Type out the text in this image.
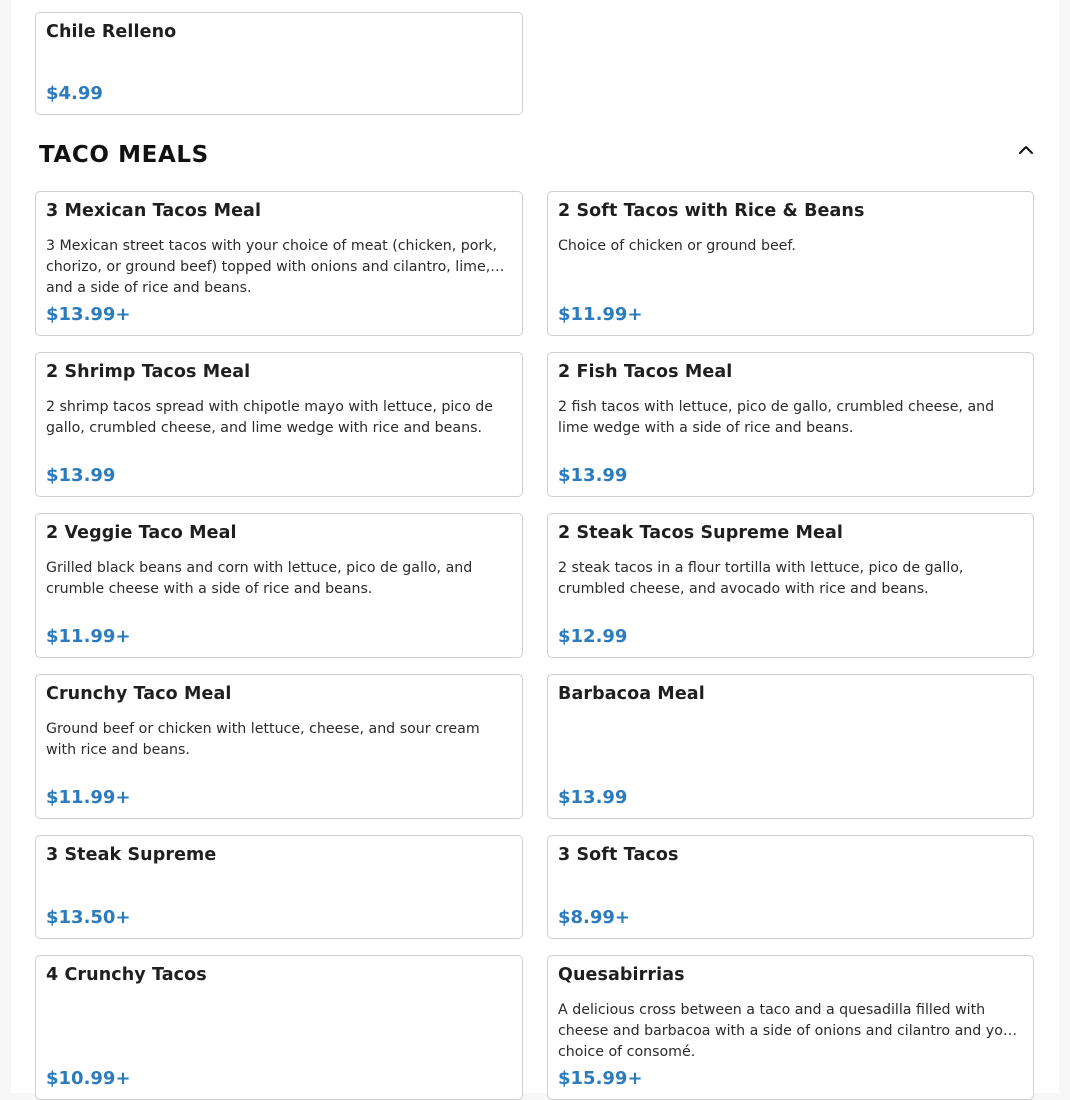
Chile Relleno
$4.99
TACO MEALS
3 Mexican Tacos Meal
3 Mexican street tacos with your choice of meat (chicken, pork, chorizo, or ground beef) topped with onions and cilantro, lime, and a side of rice and beans.
$13.99+
2 Soft Tacos with Rice & Beans
Choice of chicken or ground beef.
$11.99+
2 Shrimp Tacos Meal
2 shrimp tacos spread with chipotle mayo with lettuce, pico de gallo, crumbled cheese, and lime wedge with rice and beans.
$13.99
2 Fish Tacos Meal
2 fish tacos with lettuce, pico de gallo, crumbled cheese, and lime wedge with a side of rice and beans.
$13.99
2 Veggie Taco Meal
Grilled black beans and corn with lettuce, pico de gallo, and crumble cheese with a side of rice and beans.
$11.99+
2 Steak Tacos Supreme Meal
2 steak tacos in a flour tortilla with lettuce, pico de gallo, crumbled cheese, and avocado with rice and beans.
$12.99
Crunchy Taco Meal
Ground beef or chicken with lettuce, cheese, and sour cream with rice and beans.
$11.99+
Barbacoa Meal
$13.99
3 Steak Supreme
$13.50+
3 Soft Tacos
$8.99+
4 Crunchy Tacos
$10.99+
Quesabirrias
A delicious cross between a taco and a quesadilla filled with cheese and barbacoa with a side of onions and cilantro and your choice of consomé.
$15.99+
